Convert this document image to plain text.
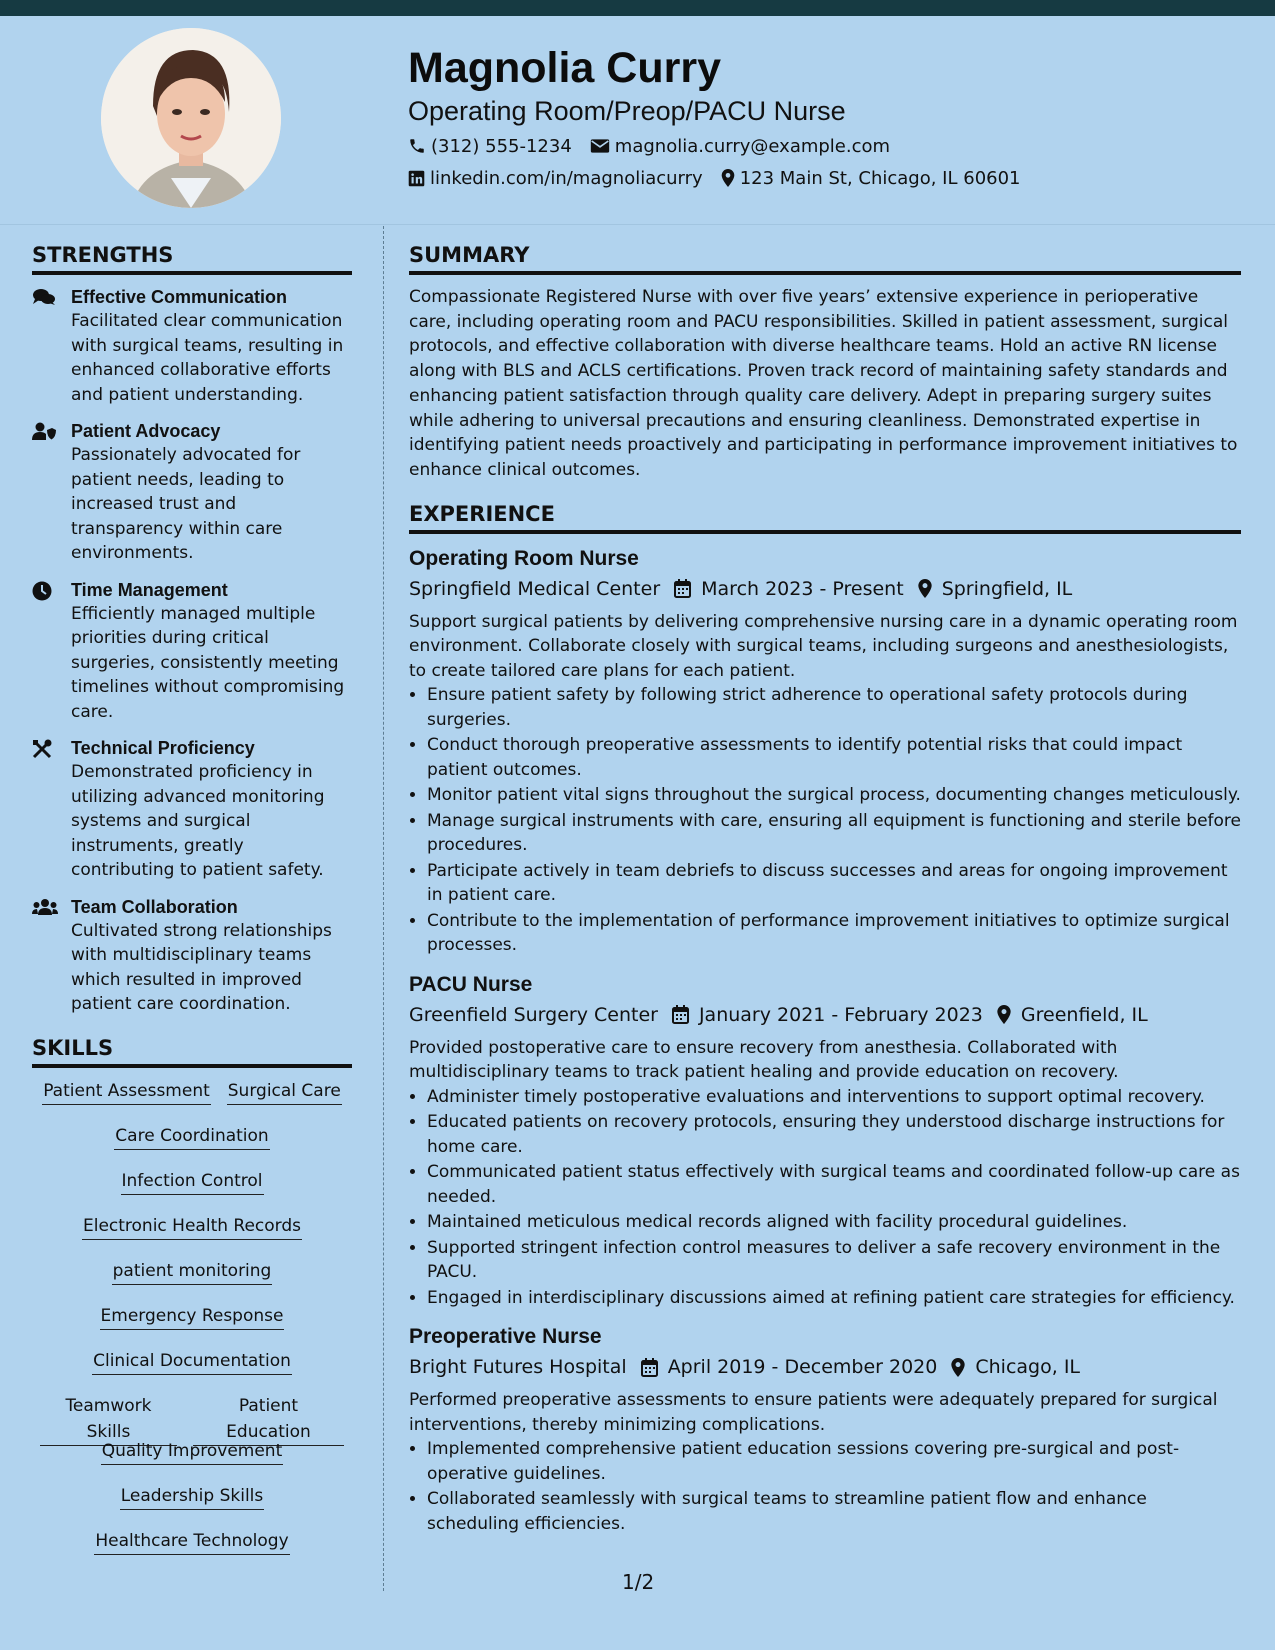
Magnolia Curry
Operating Room/Preop/PACU Nurse
(312) 555-1234 magnolia.curry@example.com
linkedin.com/in/magnoliacurry 123 Main St, Chicago, IL 60601
STRENGTHS
Effective Communication
Facilitated clear communication with surgical teams, resulting in enhanced collaborative efforts and patient understanding.
Patient Advocacy
Passionately advocated for patient needs, leading to increased trust and transparency within care environments.
Time Management
Efficiently managed multiple priorities during critical surgeries, consistently meeting timelines without compromising care.
Technical Proficiency
Demonstrated proficiency in utilizing advanced monitoring systems and surgical instruments, greatly contributing to patient safety.
Team Collaboration
Cultivated strong relationships with multidisciplinary teams which resulted in improved patient care coordination.
SKILLS
Patient Assessment Surgical Care
Care Coordination
Infection Control
Electronic Health Records
patient monitoring
Emergency Response
Clinical Documentation
Teamwork Skills
Patient Education
Quality Improvement
Leadership Skills
Healthcare Technology
SUMMARY
Compassionate Registered Nurse with over five years’ extensive experience in perioperative care, including operating room and PACU responsibilities. Skilled in patient assessment, surgical protocols, and effective collaboration with diverse healthcare teams. Hold an active RN license along with BLS and ACLS certifications. Proven track record of maintaining safety standards and enhancing patient satisfaction through quality care delivery. Adept in preparing surgery suites while adhering to universal precautions and ensuring cleanliness. Demonstrated expertise in identifying patient needs proactively and participating in performance improvement initiatives to enhance clinical outcomes.
EXPERIENCE
Operating Room Nurse
Springfield Medical Center March 2023 - Present Springfield, IL
Support surgical patients by delivering comprehensive nursing care in a dynamic operating room environment. Collaborate closely with surgical teams, including surgeons and anesthesiologists, to create tailored care plans for each patient.
• Ensure patient safety by following strict adherence to operational safety protocols during surgeries.
• Conduct thorough preoperative assessments to identify potential risks that could impact patient outcomes.
• Monitor patient vital signs throughout the surgical process, documenting changes meticulously.
• Manage surgical instruments with care, ensuring all equipment is functioning and sterile before procedures.
• Participate actively in team debriefs to discuss successes and areas for ongoing improvement in patient care.
• Contribute to the implementation of performance improvement initiatives to optimize surgical processes.
PACU Nurse
Greenfield Surgery Center January 2021 - February 2023 Greenfield, IL
Provided postoperative care to ensure recovery from anesthesia. Collaborated with multidisciplinary teams to track patient healing and provide education on recovery.
• Administer timely postoperative evaluations and interventions to support optimal recovery.
• Educated patients on recovery protocols, ensuring they understood discharge instructions for home care.
• Communicated patient status effectively with surgical teams and coordinated follow-up care as needed.
• Maintained meticulous medical records aligned with facility procedural guidelines.
• Supported stringent infection control measures to deliver a safe recovery environment in the PACU.
• Engaged in interdisciplinary discussions aimed at refining patient care strategies for efficiency.
Preoperative Nurse
Bright Futures Hospital April 2019 - December 2020 Chicago, IL
Performed preoperative assessments to ensure patients were adequately prepared for surgical interventions, thereby minimizing complications.
• Implemented comprehensive patient education sessions covering pre-surgical and post-operative guidelines.
• Collaborated seamlessly with surgical teams to streamline patient flow and enhance scheduling efficiencies.
1/2
